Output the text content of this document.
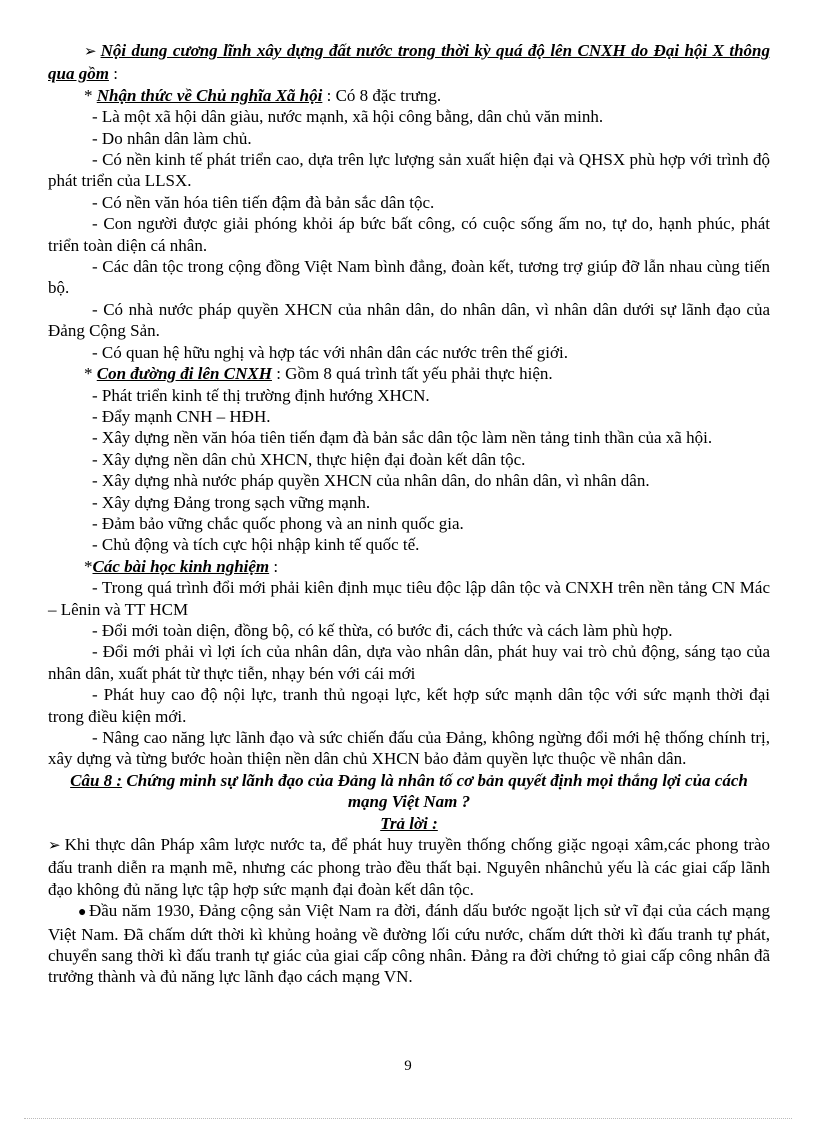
➢ Nội dung cương lĩnh xây dựng đất nước trong thời kỳ quá độ lên CNXH do Đại hội X thông qua gồm :

* Nhận thức về Chủ nghĩa Xã hội : Có 8 đặc trưng.

- Là một xã hội dân giàu, nước mạnh, xã hội công bằng, dân chủ văn minh.

- Do nhân dân làm chủ.

- Có nền kinh tế phát triển cao, dựa trên lực lượng sản xuất hiện đại và QHSX phù hợp với trình độ phát triển của LLSX.

- Có nền văn hóa tiên tiến đậm đà bản sắc dân tộc.

- Con người được giải phóng khỏi áp bức bất công, có cuộc sống ấm no, tự do, hạnh phúc, phát triển toàn diện cá nhân.

- Các dân tộc trong cộng đồng Việt Nam bình đẳng, đoàn kết, tương trợ giúp đỡ lẫn nhau cùng tiến bộ.

- Có nhà nước pháp quyền XHCN của nhân dân, do nhân dân, vì nhân dân dưới sự lãnh đạo của Đảng Cộng Sản.

- Có quan hệ hữu nghị và hợp tác với nhân dân các nước trên thế giới.

* Con đường đi lên CNXH : Gồm 8 quá trình tất yếu phải thực hiện.

- Phát triển kinh tế thị trường định hướng XHCN.

- Đẩy mạnh CNH – HĐH.

- Xây dựng nền văn hóa tiên tiến đạm đà bản sắc dân tộc làm nền tảng tinh thần của xã hội.

- Xây dựng nền dân chủ XHCN, thực hiện đại đoàn kết dân tộc.

- Xây dựng nhà nước pháp quyền XHCN của nhân dân, do nhân dân, vì nhân dân.

- Xây dựng Đảng trong sạch vững mạnh.

- Đảm bảo vững chắc quốc phong và an ninh quốc gia.

- Chủ động và tích cực hội nhập kinh tế quốc tế.

*Các bài học kinh nghiệm :

- Trong quá trình đổi mới phải kiên định mục tiêu độc lập dân tộc và CNXH trên nền tảng CN Mác – Lênin và TT HCM

- Đổi mới toàn diện, đồng bộ, có kế thừa, có bước đi, cách thức và cách làm phù hợp.

- Đổi mới phải vì lợi ích của nhân dân, dựa vào nhân dân, phát huy vai trò chủ động, sáng tạo của nhân dân, xuất phát từ thực tiễn, nhạy bén với cái mới

- Phát huy cao độ nội lực, tranh thủ ngoại lực, kết hợp sức mạnh dân tộc với sức mạnh thời đại trong điều kiện mới.

- Nâng cao năng lực lãnh đạo và sức chiến đấu của Đảng, không ngừng đổi mới hệ thống chính trị, xây dựng và từng bước hoàn thiện nền dân chủ XHCN bảo đảm quyền lực thuộc về nhân dân.

Câu 8 : Chứng minh sự lãnh đạo của Đảng là nhân tố cơ bản quyết định mọi thắng lợi của cách mạng Việt Nam ?

Trả lời :

➢ Khi thực dân Pháp xâm lược nước ta, để phát huy truyền thống chống giặc ngoại xâm,các phong trào đấu tranh diễn ra mạnh mẽ, nhưng các phong trào đều thất bại. Nguyên nhânchủ yếu là các giai cấp lãnh đạo không đủ năng lực tập hợp sức mạnh đại đoàn kết dân tộc.

● Đầu năm 1930, Đảng cộng sản Việt Nam ra đời, đánh dấu bước ngoặt lịch sử vĩ đại của cách mạng Việt Nam. Đã chấm dứt thời kì khủng hoảng về đường lối cứu nước, chấm dứt thời kì đấu tranh tự phát, chuyển sang thời kì đấu tranh tự giác của giai cấp công nhân. Đảng ra đời chứng tỏ giai cấp công nhân đã trưởng thành và đủ năng lực lãnh đạo cách mạng VN.

9
